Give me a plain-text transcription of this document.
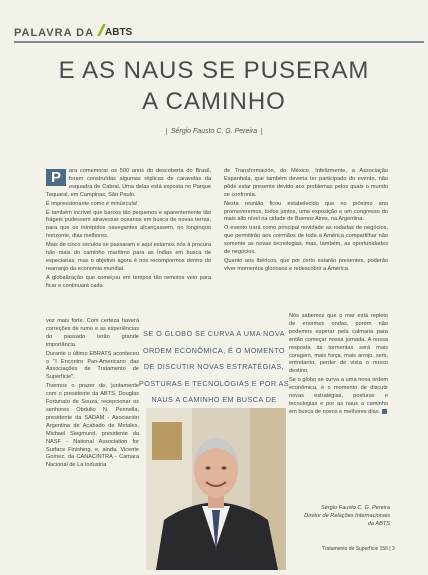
PALAVRA DA ABTS
E AS NAUS SE PUSERAM
A CAMINHO
Sérgio Fausto C. G. Pereira

P	ara comemorar os 500 anos do descoberta do Brasil, foram construídas algumas réplicas de caravelas da esquadra de Cabral. Uma delas está exposta no Parque Taquaral, em Campinas, São Paulo.

É impressionante como é minúscula!

É também incrível que barcos tão pequenos e aparentemente tão frágeis pudessem atravessar oceanos em busca de novas terras, para que os intrépidos navegantes alcançassem, no longínquo horizonte, dias melhores.

Mais de cinco séculos se passaram e aqui estamos nós à procura não mais do caminho marítimo para as Índias em busca de especiarias, mas o objetivo agora é nos recompormos dentro do rearranjo da economia mundial.

A globalização que começou em tempos tão remotos veio para ficar e continuará cada

de Transformación, do México. Infelizmente, a Associação Espanhola, que também deveria ter participado do evento, não pôde estar presente devido aos problemas pelos quais o mundo se confronta.

Nesta reunião ficou estabelecido que no próximo ano promoveremos, todos juntos, uma exposição e um congresso do mais alto nível na cidade de Buenos Aires, na Argentina.

O evento trará como principal novidade as rodadas de negócios, que permitirão aos coirmãos de toda a América compartilhar não somente as novas tecnologias, mas, também, as oportunidades de negócios.

Quanto aos Ibéricos, que por certo estarão presentes, poderão viver momentos gloriosos e redescobrir a América.

vez mais forte. Com certeza haverá correções de rumo e as experiências do passado terão grande importância.

Durante o último EBRATS aconteceu o "I Encontro Pan-Americano das Associações de Tratamento de Superfície".

Tivemos o prazer de, juntamente com o presidente da ABTS, Douglas Fortunato de Souza, recepcionar os senhores Obdulio N. Pennella, presidente da SADAM - Asociación Argentina de Acabado de Metales, Michael Siegmund, presidente da NASF - National Association for Surface Finishing, e, ainda, Vicente Gomez, da CANACINTRA - Camara Nacional de La Industria

SE O GLOBO SE CURVA A UMA NOVA ORDEM ECONÔMICA, É O MOMENTO DE DISCUTIR NOVAS ESTRATÉGIAS, POSTURAS E TECNOLOGIAS E POR AS NAUS A CAMINHO EM BUSCA DE

Nós sabemos que o mar está repleto de enormes ondas, porém não podemos esperar pela calmaria para então começar nossa jornada. A nossa resposta às tormentas será mais coragem, mais força, mais arrojo, sem, entretanto, perder de vista o nosso destino.

Se o globo se curva a uma nova ordem econômica, é o momento de discutir novas estratégias, posturas e tecnologias e por as naus a caminho em busca de novos e melhores dias.

Sérgio Fausto C. G. Pereira
Diretor de Relações Internacionais
da ABTS
Tratamento de Superfície 156 | 3
